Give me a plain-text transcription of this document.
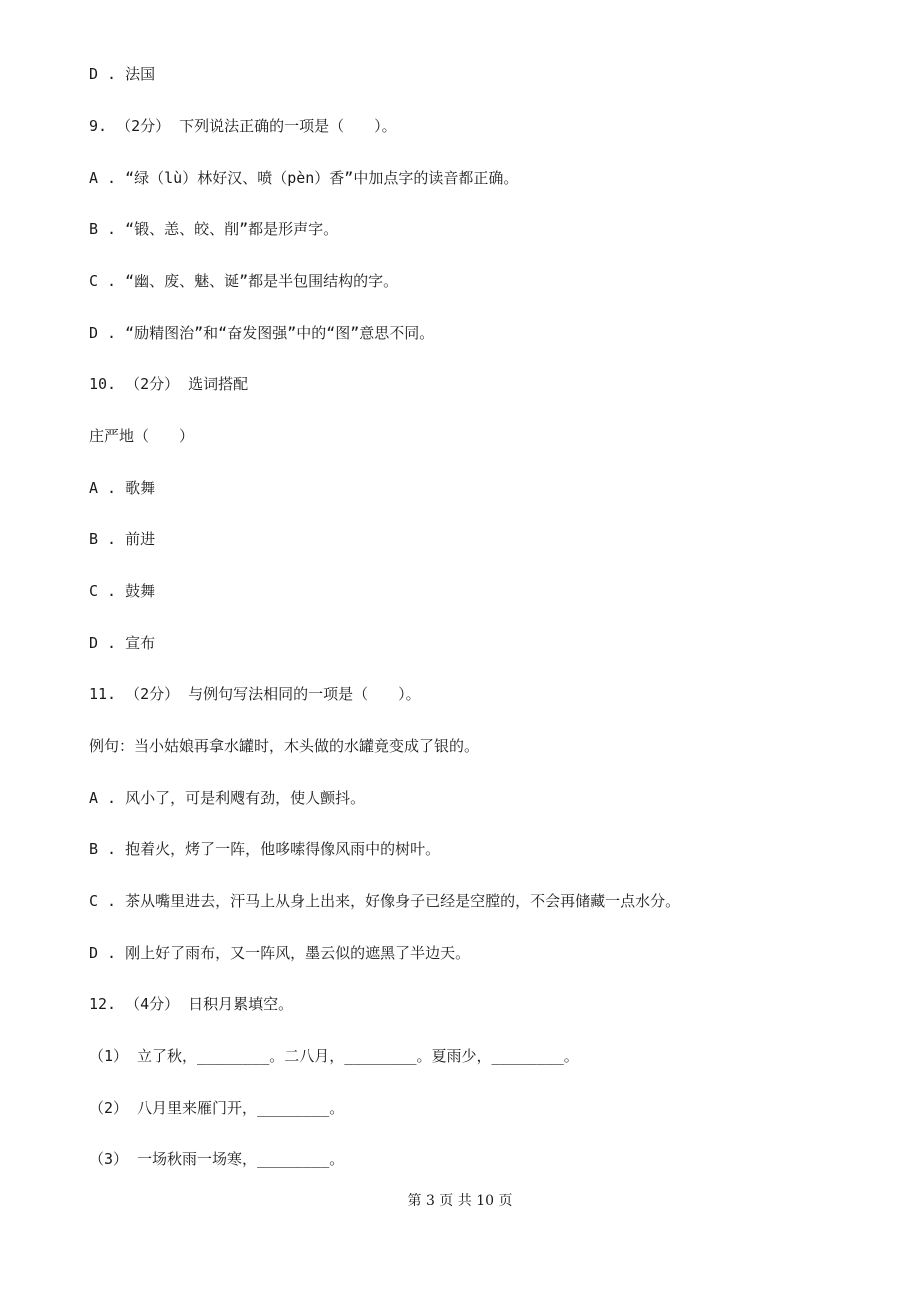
D . 法国
9. （2分） 下列说法正确的一项是（　　）。
A . “绿（lù）林好汉、喷（pèn）香”中加点字的读音都正确。
B . “锻、恙、皎、削”都是形声字。
C . “幽、废、魅、诞”都是半包围结构的字。
D . “励精图治”和“奋发图强”中的“图”意思不同。
10. （2分） 选词搭配
庄严地（　　）
A . 歌舞
B . 前进
C . 鼓舞
D . 宣布
11. （2分） 与例句写法相同的一项是（　　）。
例句：当小姑娘再拿水罐时，木头做的水罐竟变成了银的。
A . 风小了，可是利飕有劲，使人颤抖。
B . 抱着火，烤了一阵，他哆嗦得像风雨中的树叶。
C . 茶从嘴里进去，汗马上从身上出来，好像身子已经是空膛的，不会再储藏一点水分。
D . 刚上好了雨布，又一阵风，墨云似的遮黑了半边天。
12. （4分） 日积月累填空。
（1） 立了秋，________。二八月，________。夏雨少，________。
（2） 八月里来雁门开，________。
（3） 一场秋雨一场寒，________。
第 3 页 共 10 页
